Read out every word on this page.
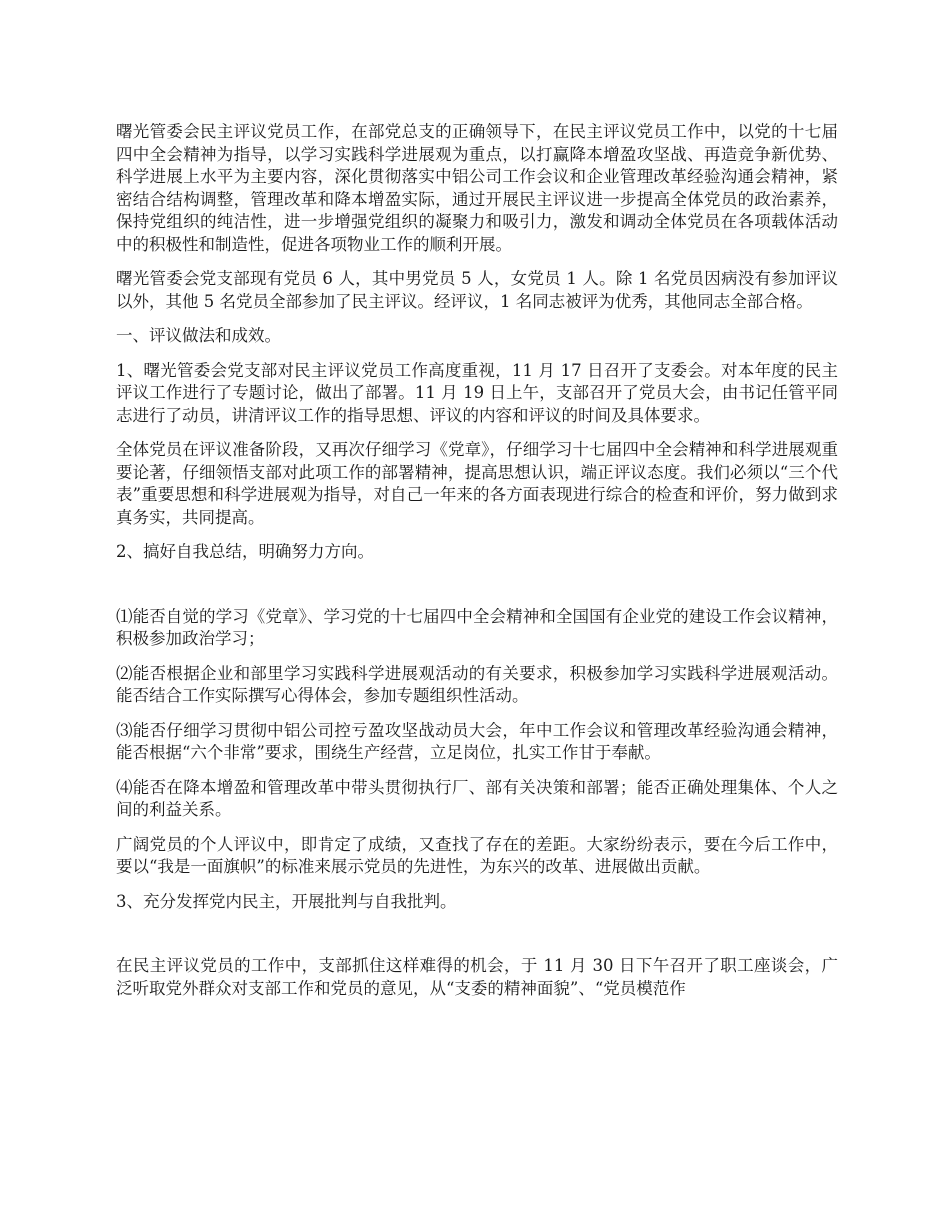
曙光管委会民主评议党员工作，在部党总支的正确领导下，在民主评议党员工作中，以党的十七届四中全会精神为指导，以学习实践科学进展观为重点，以打赢降本增盈攻坚战、再造竞争新优势、科学进展上水平为主要内容，深化贯彻落实中铝公司工作会议和企业管理改革经验沟通会精神，紧密结合结构调整，管理改革和降本增盈实际，通过开展民主评议进一步提高全体党员的政治素养，保持党组织的纯洁性，进一步增强党组织的凝聚力和吸引力，激发和调动全体党员在各项载体活动中的积极性和制造性，促进各项物业工作的顺利开展。

曙光管委会党支部现有党员 6 人，其中男党员 5 人，女党员 1 人。除 1 名党员因病没有参加评议以外，其他 5 名党员全部参加了民主评议。经评议，1 名同志被评为优秀，其他同志全部合格。

一、评议做法和成效。

1、曙光管委会党支部对民主评议党员工作高度重视，11 月 17 日召开了支委会。对本年度的民主评议工作进行了专题讨论，做出了部署。11 月 19 日上午，支部召开了党员大会，由书记任管平同志进行了动员，讲清评议工作的指导思想、评议的内容和评议的时间及具体要求。

全体党员在评议准备阶段，又再次仔细学习《党章》，仔细学习十七届四中全会精神和科学进展观重要论著，仔细领悟支部对此项工作的部署精神，提高思想认识，端正评议态度。我们必须以“三个代表”重要思想和科学进展观为指导，对自己一年来的各方面表现进行综合的检查和评价，努力做到求真务实，共同提高。

2、搞好自我总结，明确努力方向。

⑴能否自觉的学习《党章》、学习党的十七届四中全会精神和全国国有企业党的建设工作会议精神，积极参加政治学习；

⑵能否根据企业和部里学习实践科学进展观活动的有关要求，积极参加学习实践科学进展观活动。能否结合工作实际撰写心得体会，参加专题组织性活动。

⑶能否仔细学习贯彻中铝公司控亏盈攻坚战动员大会，年中工作会议和管理改革经验沟通会精神，能否根据“六个非常”要求，围绕生产经营，立足岗位，扎实工作甘于奉献。

⑷能否在降本增盈和管理改革中带头贯彻执行厂、部有关决策和部署；能否正确处理集体、个人之间的利益关系。

广阔党员的个人评议中，即肯定了成绩，又查找了存在的差距。大家纷纷表示，要在今后工作中，要以“我是一面旗帜”的标准来展示党员的先进性，为东兴的改革、进展做出贡献。

3、充分发挥党内民主，开展批判与自我批判。

在民主评议党员的工作中，支部抓住这样难得的机会，于 11 月 30 日下午召开了职工座谈会，广泛听取党外群众对支部工作和党员的意见，从“支委的精神面貌”、“党员模范作
